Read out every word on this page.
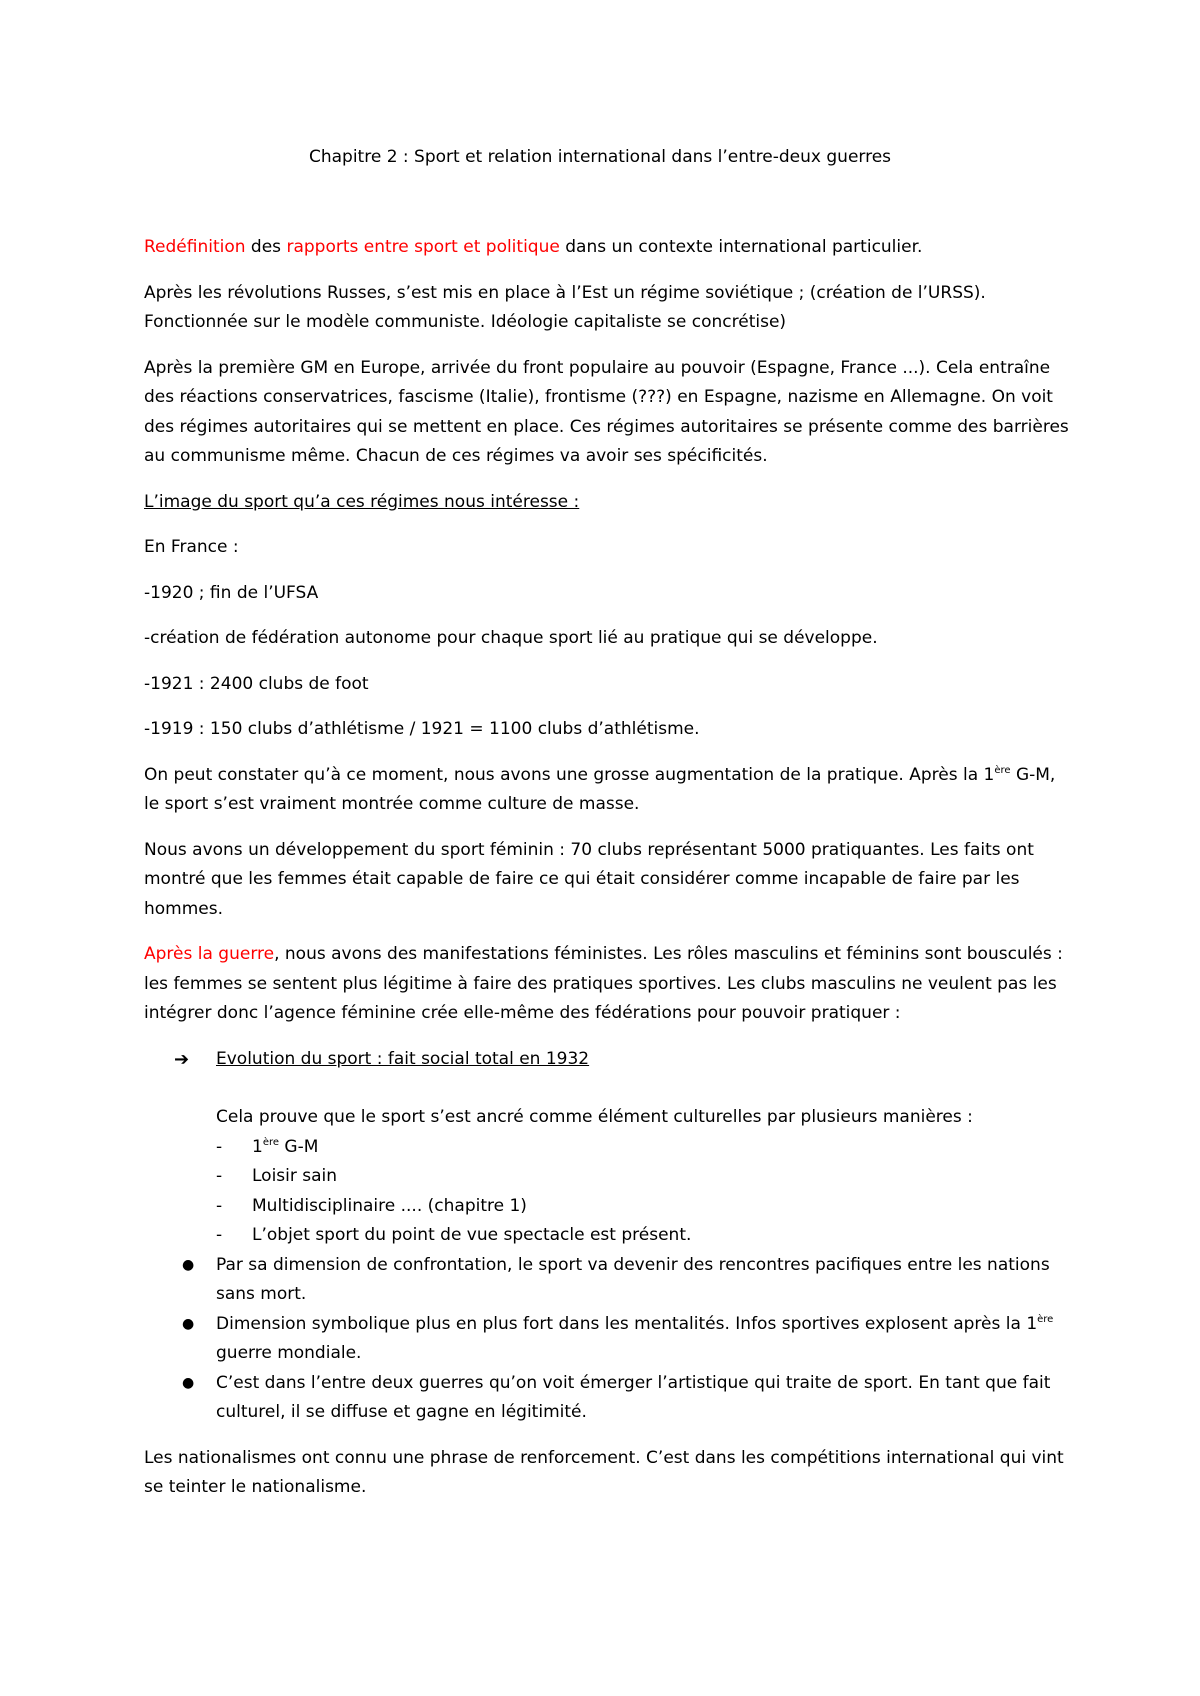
Chapitre 2 : Sport et relation international dans l’entre-deux guerres

Redéfinition des rapports entre sport et politique dans un contexte international particulier.

Après les révolutions Russes, s’est mis en place à l’Est un régime soviétique ; (création de l’URSS). Fonctionnée sur le modèle communiste. Idéologie capitaliste se concrétise)

Après la première GM en Europe, arrivée du front populaire au pouvoir (Espagne, France ...). Cela entraîne des réactions conservatrices, fascisme (Italie), frontisme (???) en Espagne, nazisme en Allemagne. On voit des régimes autoritaires qui se mettent en place. Ces régimes autoritaires se présente comme des barrières au communisme même. Chacun de ces régimes va avoir ses spécificités.

L’image du sport qu’a ces régimes nous intéresse :

En France :

-1920 ; fin de l’UFSA

-création de fédération autonome pour chaque sport lié au pratique qui se développe.

-1921 : 2400 clubs de foot

-1919 : 150 clubs d’athlétisme / 1921 = 1100 clubs d’athlétisme.

On peut constater qu’à ce moment, nous avons une grosse augmentation de la pratique. Après la 1ère G-M, le sport s’est vraiment montrée comme culture de masse.

Nous avons un développement du sport féminin : 70 clubs représentant 5000 pratiquantes. Les faits ont montré que les femmes était capable de faire ce qui était considérer comme incapable de faire par les hommes.

Après la guerre, nous avons des manifestations féministes. Les rôles masculins et féminins sont bousculés : les femmes se sentent plus légitime à faire des pratiques sportives. Les clubs masculins ne veulent pas les intégrer donc l’agence féminine crée elle-même des fédérations pour pouvoir pratiquer :

➔ Evolution du sport : fait social total en 1932
Cela prouve que le sport s’est ancré comme élément culturelles par plusieurs manières :
- 1ère G-M
- Loisir sain
- Multidisciplinaire .... (chapitre 1)
- L’objet sport du point de vue spectacle est présent.
● Par sa dimension de confrontation, le sport va devenir des rencontres pacifiques entre les nations sans mort.
● Dimension symbolique plus en plus fort dans les mentalités. Infos sportives explosent après la 1ère guerre mondiale.
● C’est dans l’entre deux guerres qu’on voit émerger l’artistique qui traite de sport. En tant que fait culturel, il se diffuse et gagne en légitimité.

Les nationalismes ont connu une phrase de renforcement. C’est dans les compétitions international qui vint se teinter le nationalisme.
